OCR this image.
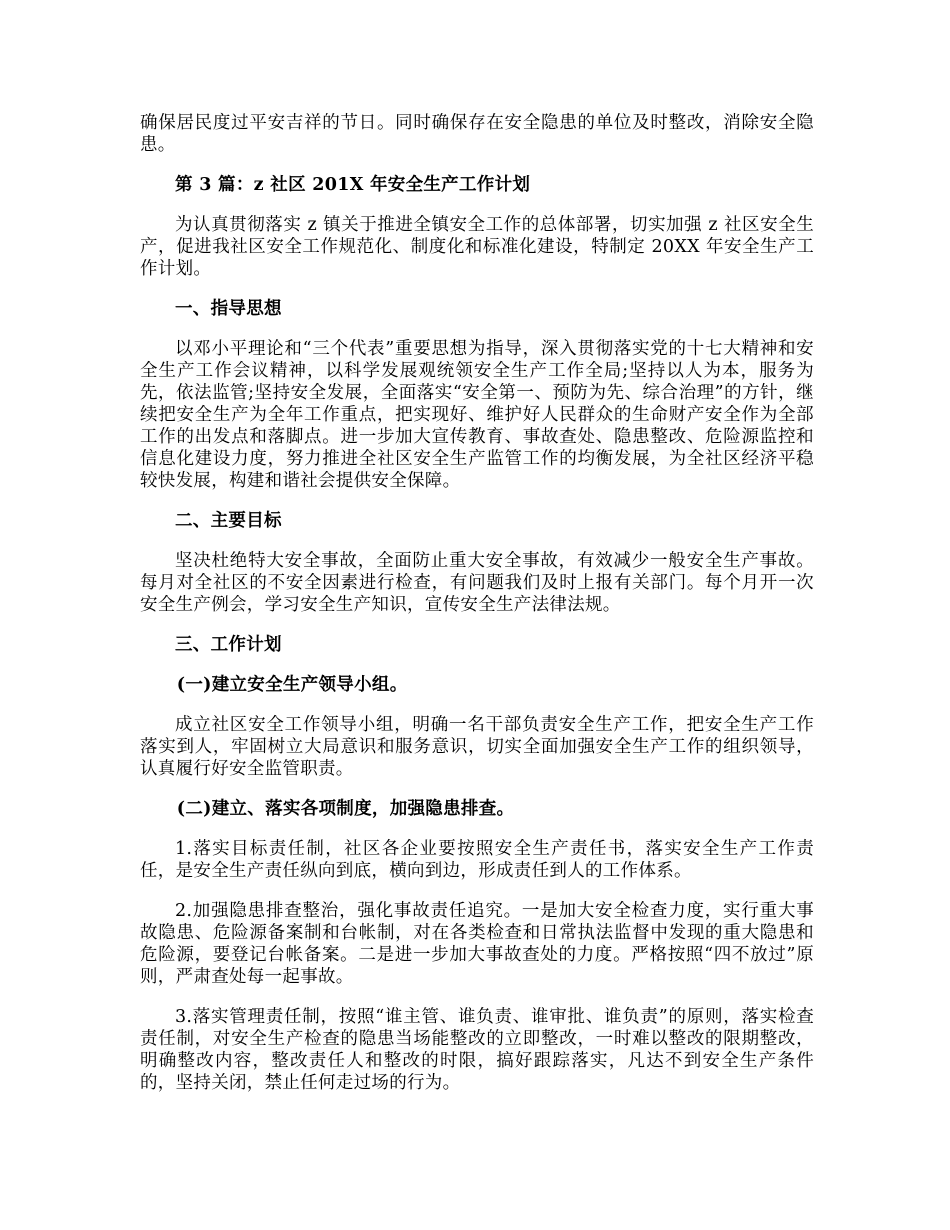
确保居民度过平安吉祥的节日。同时确保存在安全隐患的单位及时整改，消除安全隐患。

第 3 篇：z 社区 201X 年安全生产工作计划

为认真贯彻落实 z 镇关于推进全镇安全工作的总体部署，切实加强 z 社区安全生产，促进我社区安全工作规范化、制度化和标准化建设，特制定 20XX 年安全生产工作计划。

一、指导思想

以邓小平理论和“三个代表”重要思想为指导，深入贯彻落实党的十七大精神和安全生产工作会议精神，以科学发展观统领安全生产工作全局;坚持以人为本，服务为先，依法监管;坚持安全发展，全面落实“安全第一、预防为先、综合治理”的方针，继续把安全生产为全年工作重点，把实现好、维护好人民群众的生命财产安全作为全部工作的出发点和落脚点。进一步加大宣传教育、事故查处、隐患整改、危险源监控和信息化建设力度，努力推进全社区安全生产监管工作的均衡发展，为全社区经济平稳较快发展，构建和谐社会提供安全保障。

二、主要目标

坚决杜绝特大安全事故，全面防止重大安全事故，有效减少一般安全生产事故。每月对全社区的不安全因素进行检查，有问题我们及时上报有关部门。每个月开一次安全生产例会，学习安全生产知识，宣传安全生产法律法规。

三、工作计划

(一)建立安全生产领导小组。

成立社区安全工作领导小组，明确一名干部负责安全生产工作，把安全生产工作落实到人，牢固树立大局意识和服务意识，切实全面加强安全生产工作的组织领导，认真履行好安全监管职责。

(二)建立、落实各项制度，加强隐患排查。

1.落实目标责任制，社区各企业要按照安全生产责任书，落实安全生产工作责任，是安全生产责任纵向到底，横向到边，形成责任到人的工作体系。

2.加强隐患排查整治，强化事故责任追究。一是加大安全检查力度，实行重大事故隐患、危险源备案制和台帐制，对在各类检查和日常执法监督中发现的重大隐患和危险源，要登记台帐备案。二是进一步加大事故查处的力度。严格按照“四不放过”原则，严肃查处每一起事故。

3.落实管理责任制，按照“谁主管、谁负责、谁审批、谁负责”的原则，落实检查责任制，对安全生产检查的隐患当场能整改的立即整改，一时难以整改的限期整改，明确整改内容，整改责任人和整改的时限，搞好跟踪落实，凡达不到安全生产条件的，坚持关闭，禁止任何走过场的行为。
